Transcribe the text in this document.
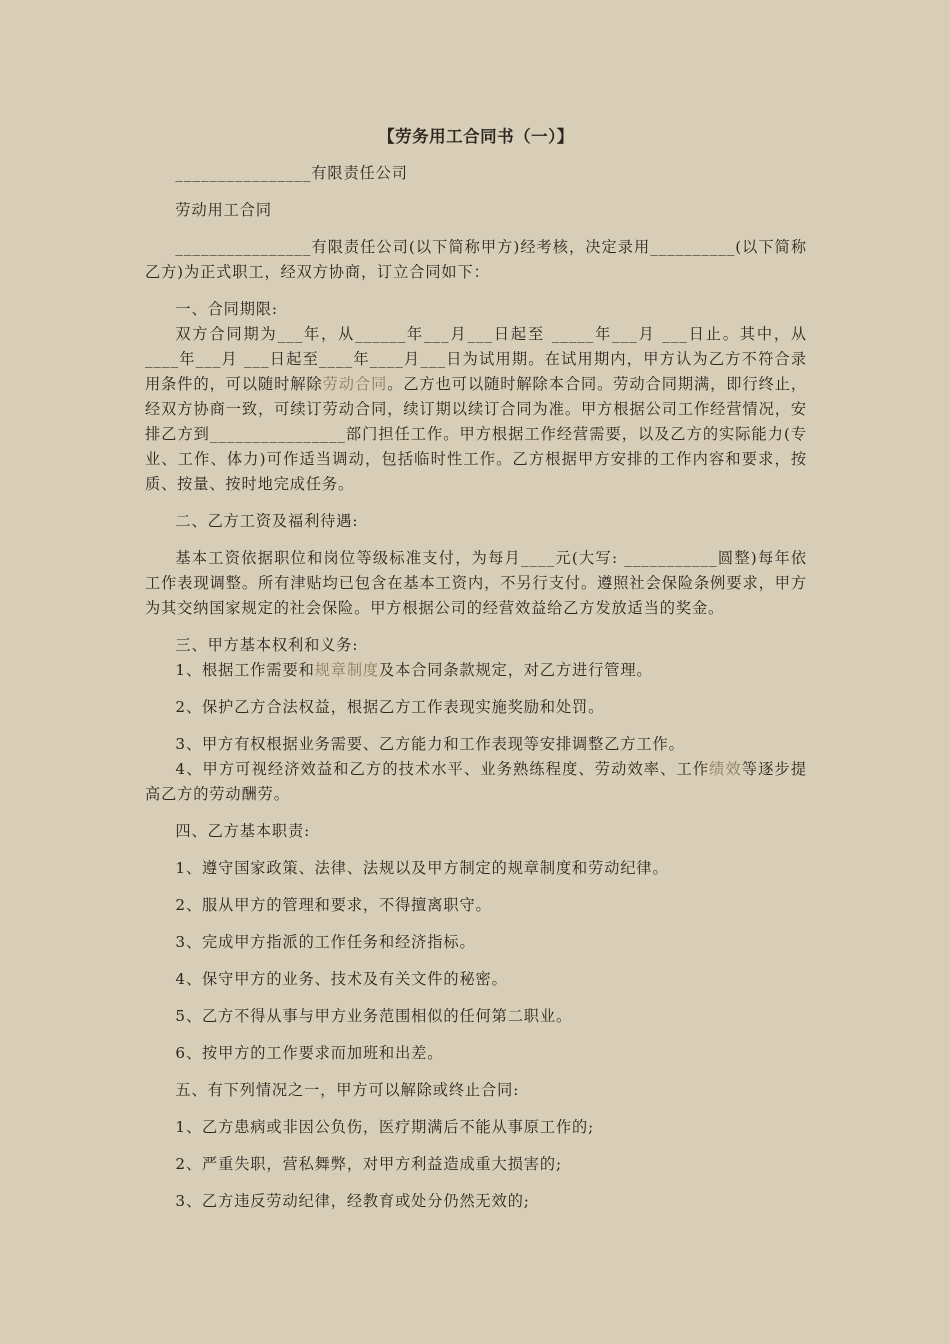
【劳务用工合同书（一）】

________________有限责任公司

劳动用工合同

________________有限责任公司(以下简称甲方)经考核，决定录用__________(以下简称乙方)为正式职工，经双方协商，订立合同如下：

一、合同期限:

双方合同期为___年，从______年___月___日起至 _____年___月 ___日止。其中，从____年___月 ___日起至____年____月___日为试用期。在试用期内，甲方认为乙方不符合录用条件的，可以随时解除劳动合同。乙方也可以随时解除本合同。劳动合同期满，即行终止，经双方协商一致，可续订劳动合同，续订期以续订合同为准。甲方根据公司工作经营情况，安排乙方到________________部门担任工作。甲方根据工作经营需要，以及乙方的实际能力(专业、工作、体力)可作适当调动，包括临时性工作。乙方根据甲方安排的工作内容和要求，按质、按量、按时地完成任务。

二、乙方工资及福利待遇:

基本工资依据职位和岗位等级标准支付，为每月____元(大写: ___________圆整)每年依工作表现调整。所有津贴均已包含在基本工资内，不另行支付。遵照社会保险条例要求，甲方为其交纳国家规定的社会保险。甲方根据公司的经营效益给乙方发放适当的奖金。

三、甲方基本权利和义务:

1、根据工作需要和规章制度及本合同条款规定，对乙方进行管理。

2、保护乙方合法权益，根据乙方工作表现实施奖励和处罚。

3、甲方有权根据业务需要、乙方能力和工作表现等安排调整乙方工作。

4、甲方可视经济效益和乙方的技术水平、业务熟练程度、劳动效率、工作绩效等逐步提高乙方的劳动酬劳。

四、乙方基本职责:

1、遵守国家政策、法律、法规以及甲方制定的规章制度和劳动纪律。

2、服从甲方的管理和要求，不得擅离职守。

3、完成甲方指派的工作任务和经济指标。

4、保守甲方的业务、技术及有关文件的秘密。

5、乙方不得从事与甲方业务范围相似的任何第二职业。

6、按甲方的工作要求而加班和出差。

五、有下列情况之一，甲方可以解除或终止合同:

1、乙方患病或非因公负伤，医疗期满后不能从事原工作的;

2、严重失职，营私舞弊，对甲方利益造成重大损害的;

3、乙方违反劳动纪律，经教育或处分仍然无效的;
